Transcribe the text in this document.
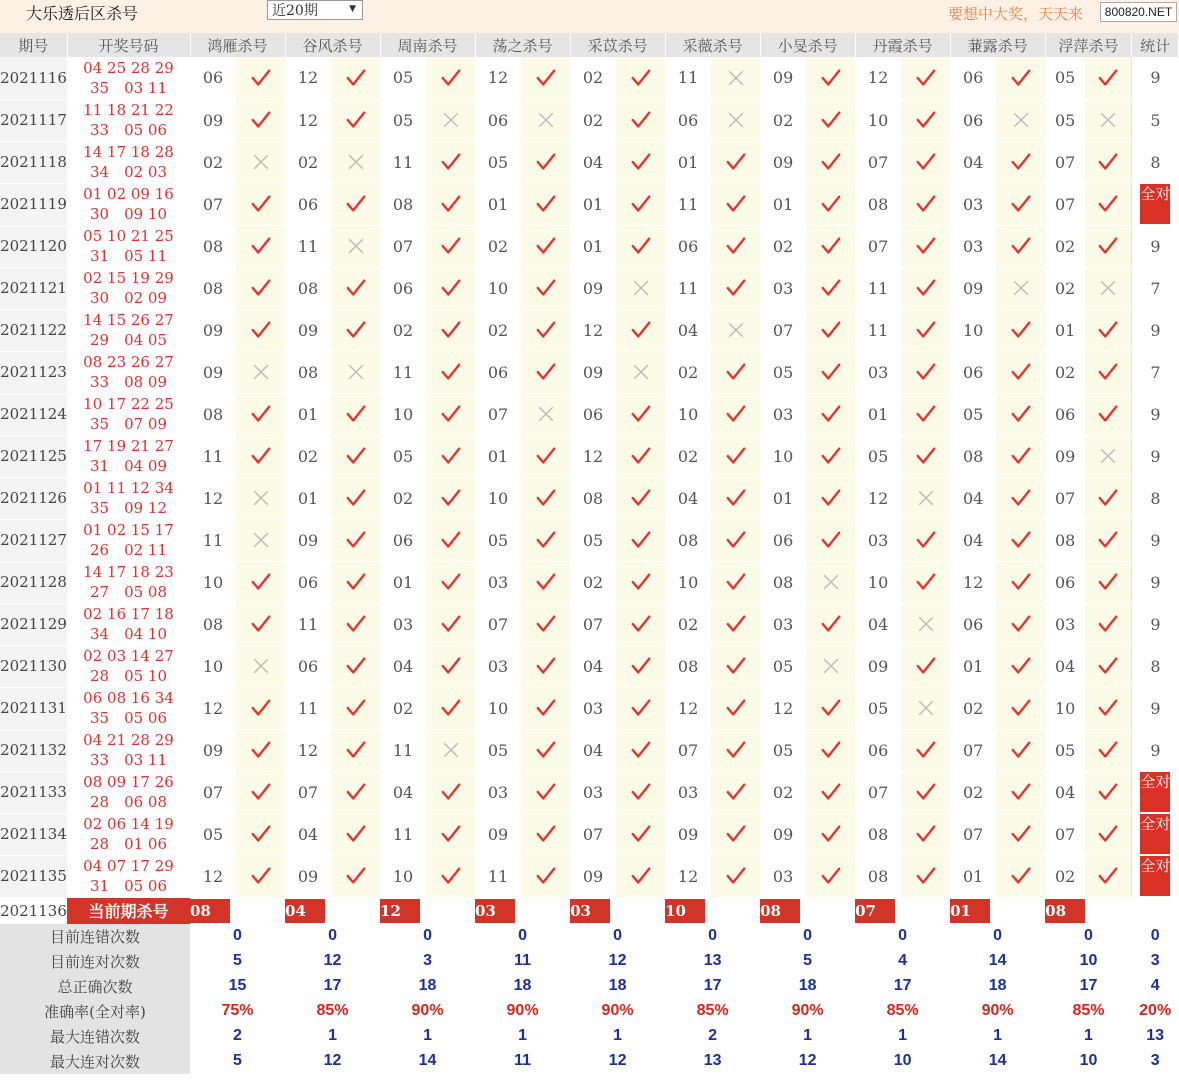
大乐透后区杀号	近20期	▼	要想中大奖，天天来	800820.NET
期号	开奖号码	鸿雁杀号		谷风杀号		周南杀号		荡之杀号		采苡杀号		采薇杀号		小旻杀号		丹霞杀号		蒹露杀号		浮萍杀号		统计
2021116	04 25 28 29
35　03 11	06		12		05		12		02		11		09		12		06		05		9
2021117	11 18 21 22
33　05 06	09		12		05		06		02		06		02		10		06		05		5
2021118	14 17 18 28
34　02 03	02		02		11		05		04		01		09		07		04		07		8
2021119	01 02 09 16
30　09 10	07		06		08		01		01		11		01		08		03		07		全对
2021120	05 10 21 25
31　05 11	08		11		07		02		01		06		02		07		03		02		9
2021121	02 15 19 29
30　02 09	08		08		06		10		09		11		03		11		09		02		7
2021122	14 15 26 27
29　04 05	09		09		02		02		12		04		07		11		10		01		9
2021123	08 23 26 27
33　08 09	09		08		11		06		09		02		05		03		06		02		7
2021124	10 17 22 25
35　07 09	08		01		10		07		06		10		03		01		05		06		9
2021125	17 19 21 27
31　04 09	11		02		05		01		12		02		10		05		08		09		9
2021126	01 11 12 34
35　09 12	12		01		02		10		08		04		01		12		04		07		8
2021127	01 02 15 17
26　02 11	11		09		06		05		05		08		06		03		04		08		9
2021128	14 17 18 23
27　05 08	10		06		01		03		02		10		08		10		12		06		9
2021129	02 16 17 18
34　04 10	08		11		03		07		07		02		03		04		06		03		9
2021130	02 03 14 27
28　05 10	10		06		04		03		04		08		05		09		01		04		8
2021131	06 08 16 34
35　05 06	12		11		02		10		03		12		12		05		02		10		9
2021132	04 21 28 29
33　03 11	09		12		11		05		04		07		05		06		07		05		9
2021133	08 09 17 26
28　06 08	07		07		04		03		03		03		02		07		02		04		全对
2021134	02 06 14 19
28　01 06	05		04		11		09		07		09		09		08		07		07		全对
2021135	04 07 17 29
31　05 06	12		09		10		11		09		12		03		08		01		02		全对
2021136	当前期杀号	08		04		12		03		03		10		08		07		01		08		
目前连错次数		0		0		0		0		0		0		0		0		0		0		0
目前连对次数		5		12		3		11		12		13		5		4		14		10		3
总正确次数		15		17		18		18		18		17		18		17		18		17		4
准确率(全对率)		75%		85%		90%		90%		90%		85%		90%		85%		90%		85%		20%
最大连错次数		2		1		1		1		1		2		1		1		1		1		13
最大连对次数		5		12		14		11		12		13		12		10		14		10		3
